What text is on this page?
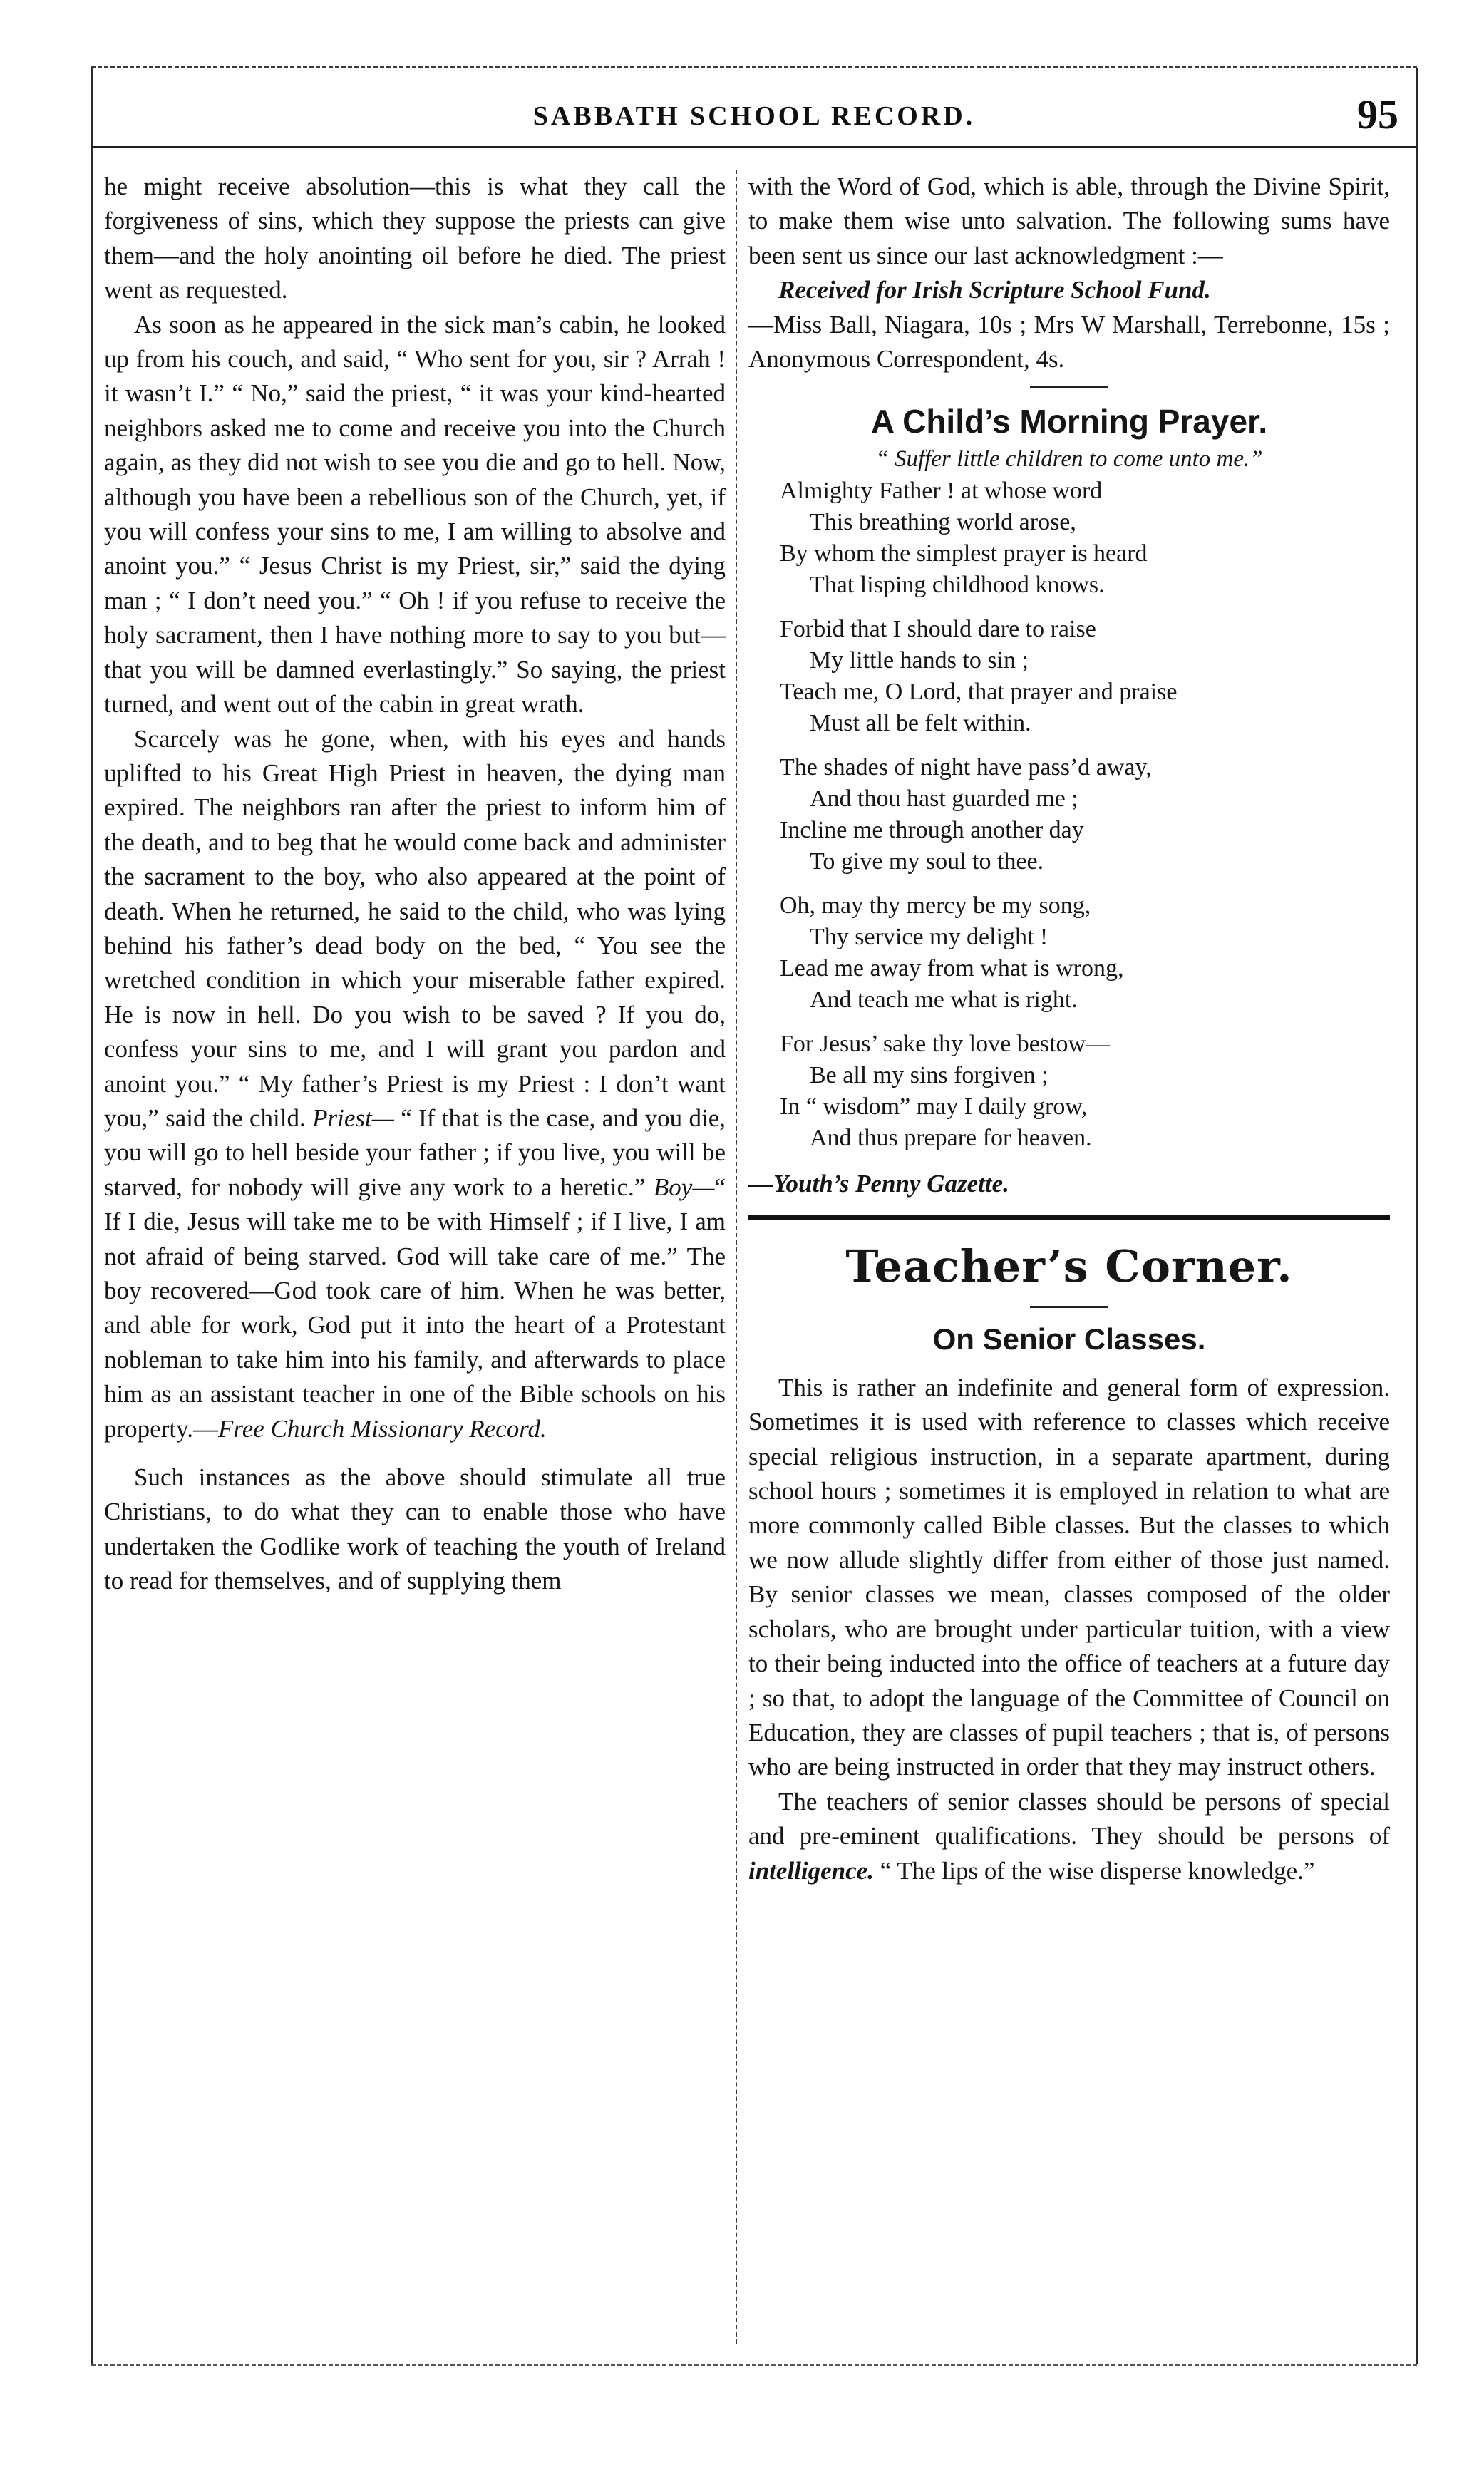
SABBATH SCHOOL RECORD.	95

he might receive absolution—this is what they call the forgiveness of sins, which they suppose the priests can give them—and the holy anointing oil before he died. The priest went as requested.

As soon as he appeared in the sick man’s cabin, he looked up from his couch, and said, “ Who sent for you, sir ? Arrah ! it wasn’t I.” “ No,” said the priest, “ it was your kind-hearted neighbors asked me to come and receive you into the Church again, as they did not wish to see you die and go to hell. Now, although you have been a rebellious son of the Church, yet, if you will confess your sins to me, I am willing to absolve and anoint you.” “ Jesus Christ is my Priest, sir,” said the dying man ; “ I don’t need you.” “ Oh ! if you refuse to receive the holy sacrament, then I have nothing more to say to you but—that you will be damned everlastingly.” So saying, the priest turned, and went out of the cabin in great wrath.

Scarcely was he gone, when, with his eyes and hands uplifted to his Great High Priest in heaven, the dying man expired. The neighbors ran after the priest to inform him of the death, and to beg that he would come back and administer the sacrament to the boy, who also appeared at the point of death. When he returned, he said to the child, who was lying behind his father’s dead body on the bed, “ You see the wretched condition in which your miserable father expired. He is now in hell. Do you wish to be saved ? If you do, confess your sins to me, and I will grant you pardon and anoint you.” “ My father’s Priest is my Priest : I don’t want you,” said the child. Priest— “ If that is the case, and you die, you will go to hell beside your father ; if you live, you will be starved, for nobody will give any work to a heretic.” Boy—“ If I die, Jesus will take me to be with Himself ; if I live, I am not afraid of being starved. God will take care of me.” The boy recovered—God took care of him. When he was better, and able for work, God put it into the heart of a Protestant nobleman to take him into his family, and afterwards to place him as an assistant teacher in one of the Bible schools on his property.—Free Church Missionary Record.

Such instances as the above should stimulate all true Christians, to do what they can to enable those who have undertaken the Godlike work of teaching the youth of Ireland to read for themselves, and of supplying them

with the Word of God, which is able, through the Divine Spirit, to make them wise unto salvation. The following sums have been sent us since our last acknowledgment :—

Received for Irish Scripture School Fund.

—Miss Ball, Niagara, 10s ; Mrs W Marshall, Terrebonne, 15s ; Anonymous Correspondent, 4s.

A Child’s Morning Prayer.

“ Suffer little children to come unto me.”

Almighty Father ! at whose word
This breathing world arose,
By whom the simplest prayer is heard
That lisping childhood knows.
Forbid that I should dare to raise
My little hands to sin ;
Teach me, O Lord, that prayer and praise
Must all be felt within.
The shades of night have pass’d away,
And thou hast guarded me ;
Incline me through another day
To give my soul to thee.
Oh, may thy mercy be my song,
Thy service my delight !
Lead me away from what is wrong,
And teach me what is right.
For Jesus’ sake thy love bestow—
Be all my sins forgiven ;
In “ wisdom” may I daily grow,
And thus prepare for heaven.

—Youth’s Penny Gazette.

Teacher’s Corner.
On Senior Classes.

This is rather an indefinite and general form of expression. Sometimes it is used with reference to classes which receive special religious instruction, in a separate apartment, during school hours ; sometimes it is employed in relation to what are more commonly called Bible classes. But the classes to which we now allude slightly differ from either of those just named. By senior classes we mean, classes composed of the older scholars, who are brought under particular tuition, with a view to their being inducted into the office of teachers at a future day ; so that, to adopt the language of the Committee of Council on Education, they are classes of pupil teachers ; that is, of persons who are being instructed in order that they may instruct others.

The teachers of senior classes should be persons of special and pre-eminent qualifications. They should be persons of intelligence. “ The lips of the wise disperse knowledge.”
